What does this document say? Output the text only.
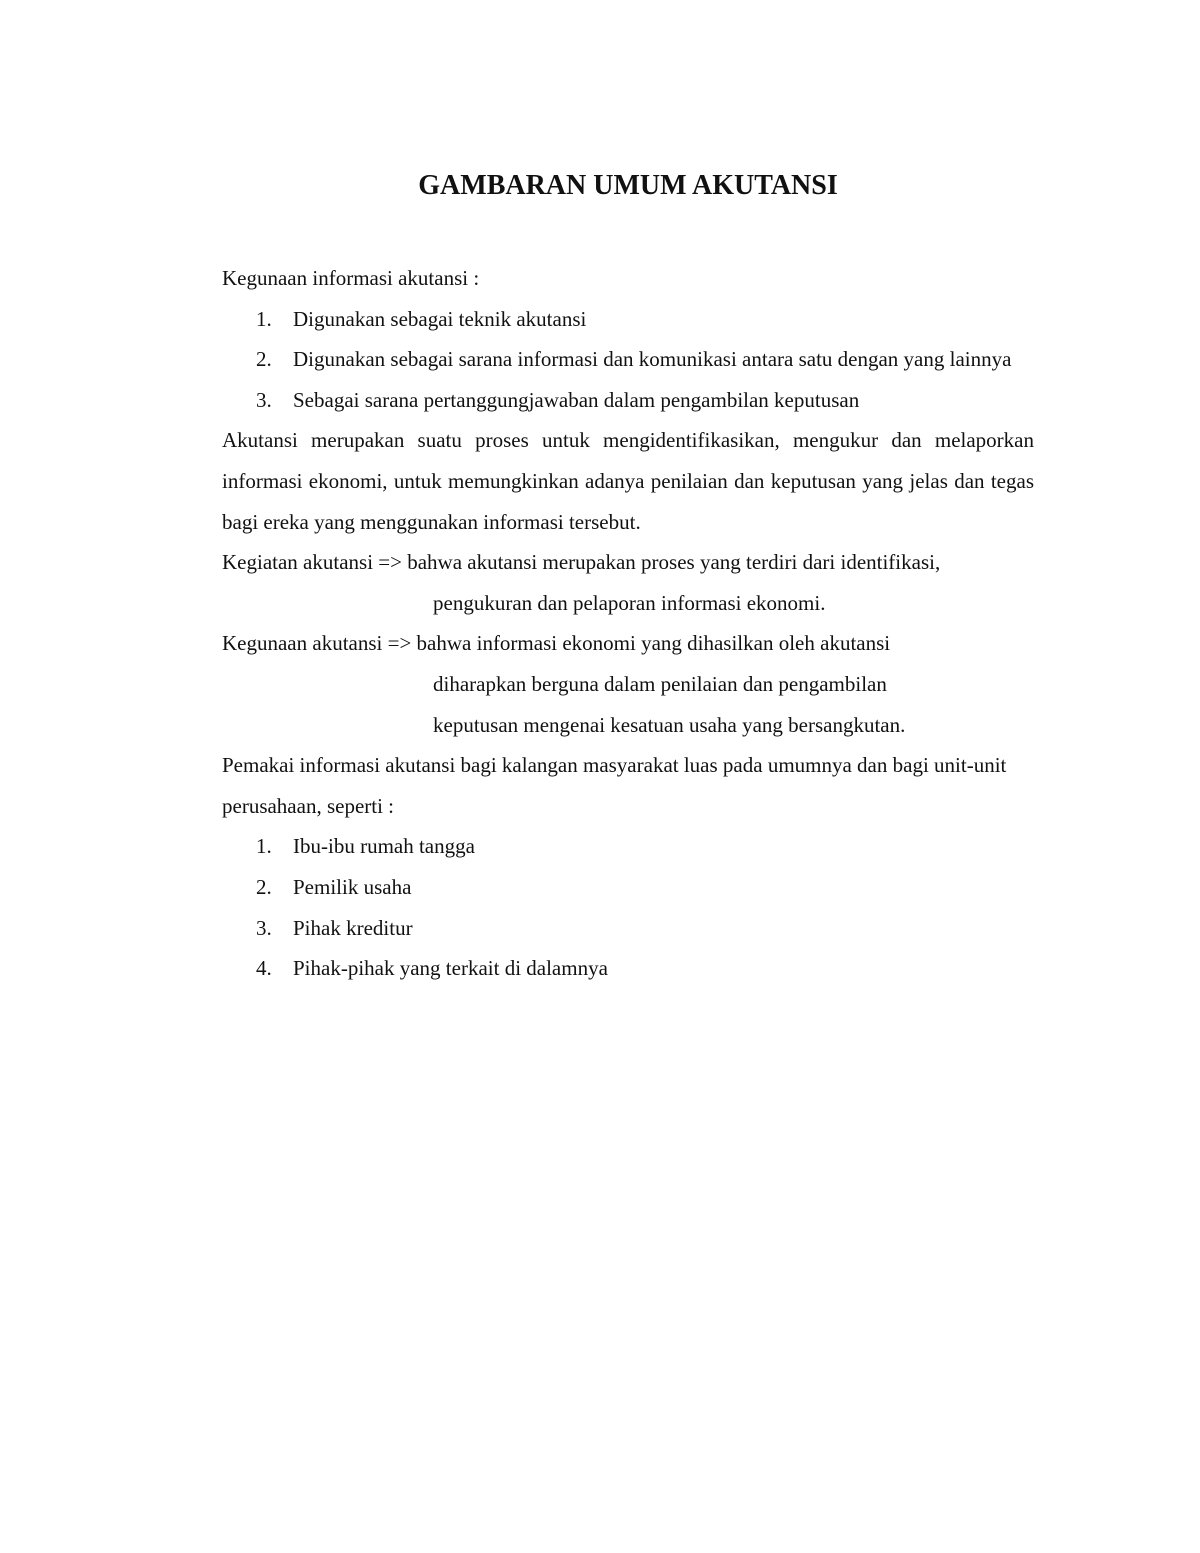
GAMBARAN UMUM AKUTANSI

Kegunaan informasi akutansi :

1. Digunakan sebagai teknik akutansi
2. Digunakan sebagai sarana informasi dan komunikasi antara satu dengan yang lainnya
3. Sebagai sarana pertanggungjawaban dalam pengambilan keputusan

Akutansi merupakan suatu proses untuk mengidentifikasikan, mengukur dan melaporkan informasi ekonomi, untuk memungkinkan adanya penilaian dan keputusan yang jelas dan tegas bagi ereka yang menggunakan informasi tersebut.

Kegiatan akutansi => bahwa akutansi merupakan proses yang terdiri dari identifikasi,

pengukuran dan pelaporan informasi ekonomi.

Kegunaan akutansi => bahwa informasi ekonomi yang dihasilkan oleh akutansi

diharapkan berguna dalam penilaian dan pengambilan

keputusan mengenai kesatuan usaha yang bersangkutan.

Pemakai informasi akutansi bagi kalangan masyarakat luas pada umumnya dan bagi unit-unit perusahaan, seperti :

1. Ibu-ibu rumah tangga
2. Pemilik usaha
3. Pihak kreditur
4. Pihak-pihak yang terkait di dalamnya
